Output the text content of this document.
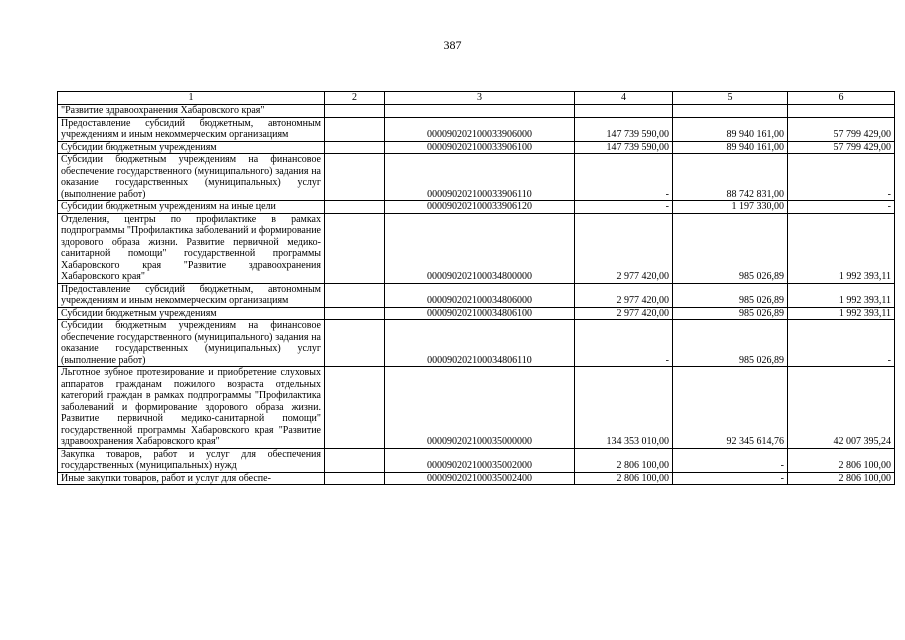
387
1	2	3	4	5	6
"Развитие здравоохранения Хабаровского края"					
Предоставление субсидий бюджетным, автономным учреждениям и иным некоммерческим организациям		000090202100033906000	147 739 590,00	89 940 161,00	57 799 429,00
Субсидии бюджетным учреждениям		000090202100033906100	147 739 590,00	89 940 161,00	57 799 429,00
Субсидии бюджетным учреждениям на финансовое обеспечение государственного (муниципального) задания на оказание государственных (муниципальных) услуг (выполнение работ)		000090202100033906110	-	88 742 831,00	-
Субсидии бюджетным учреждениям на иные цели		000090202100033906120	-	1 197 330,00	-
Отделения, центры по профилактике в рамках подпрограммы "Профилактика заболеваний и формирование здорового образа жизни. Развитие первичной медико-санитарной помощи" государственной программы Хабаровского края "Развитие здравоохранения Хабаровского края"		000090202100034800000	2 977 420,00	985 026,89	1 992 393,11
Предоставление субсидий бюджетным, автономным учреждениям и иным некоммерческим организациям		000090202100034806000	2 977 420,00	985 026,89	1 992 393,11
Субсидии бюджетным учреждениям		000090202100034806100	2 977 420,00	985 026,89	1 992 393,11
Субсидии бюджетным учреждениям на финансовое обеспечение государственного (муниципального) задания на оказание государственных (муниципальных) услуг (выполнение работ)		000090202100034806110	-	985 026,89	-
Льготное зубное протезирование и приобретение слуховых аппаратов гражданам пожилого возраста отдельных категорий граждан в рамках подпрограммы "Профилактика заболеваний и формирование здорового образа жизни. Развитие первичной медико-санитарной помощи" государственной программы Хабаровского края "Развитие здравоохранения Хабаровского края"		000090202100035000000	134 353 010,00	92 345 614,76	42 007 395,24
Закупка товаров, работ и услуг для обеспечения государственных (муниципальных) нужд		000090202100035002000	2 806 100,00	-	2 806 100,00
Иные закупки товаров, работ и услуг для обеспе-		000090202100035002400	2 806 100,00	-	2 806 100,00
